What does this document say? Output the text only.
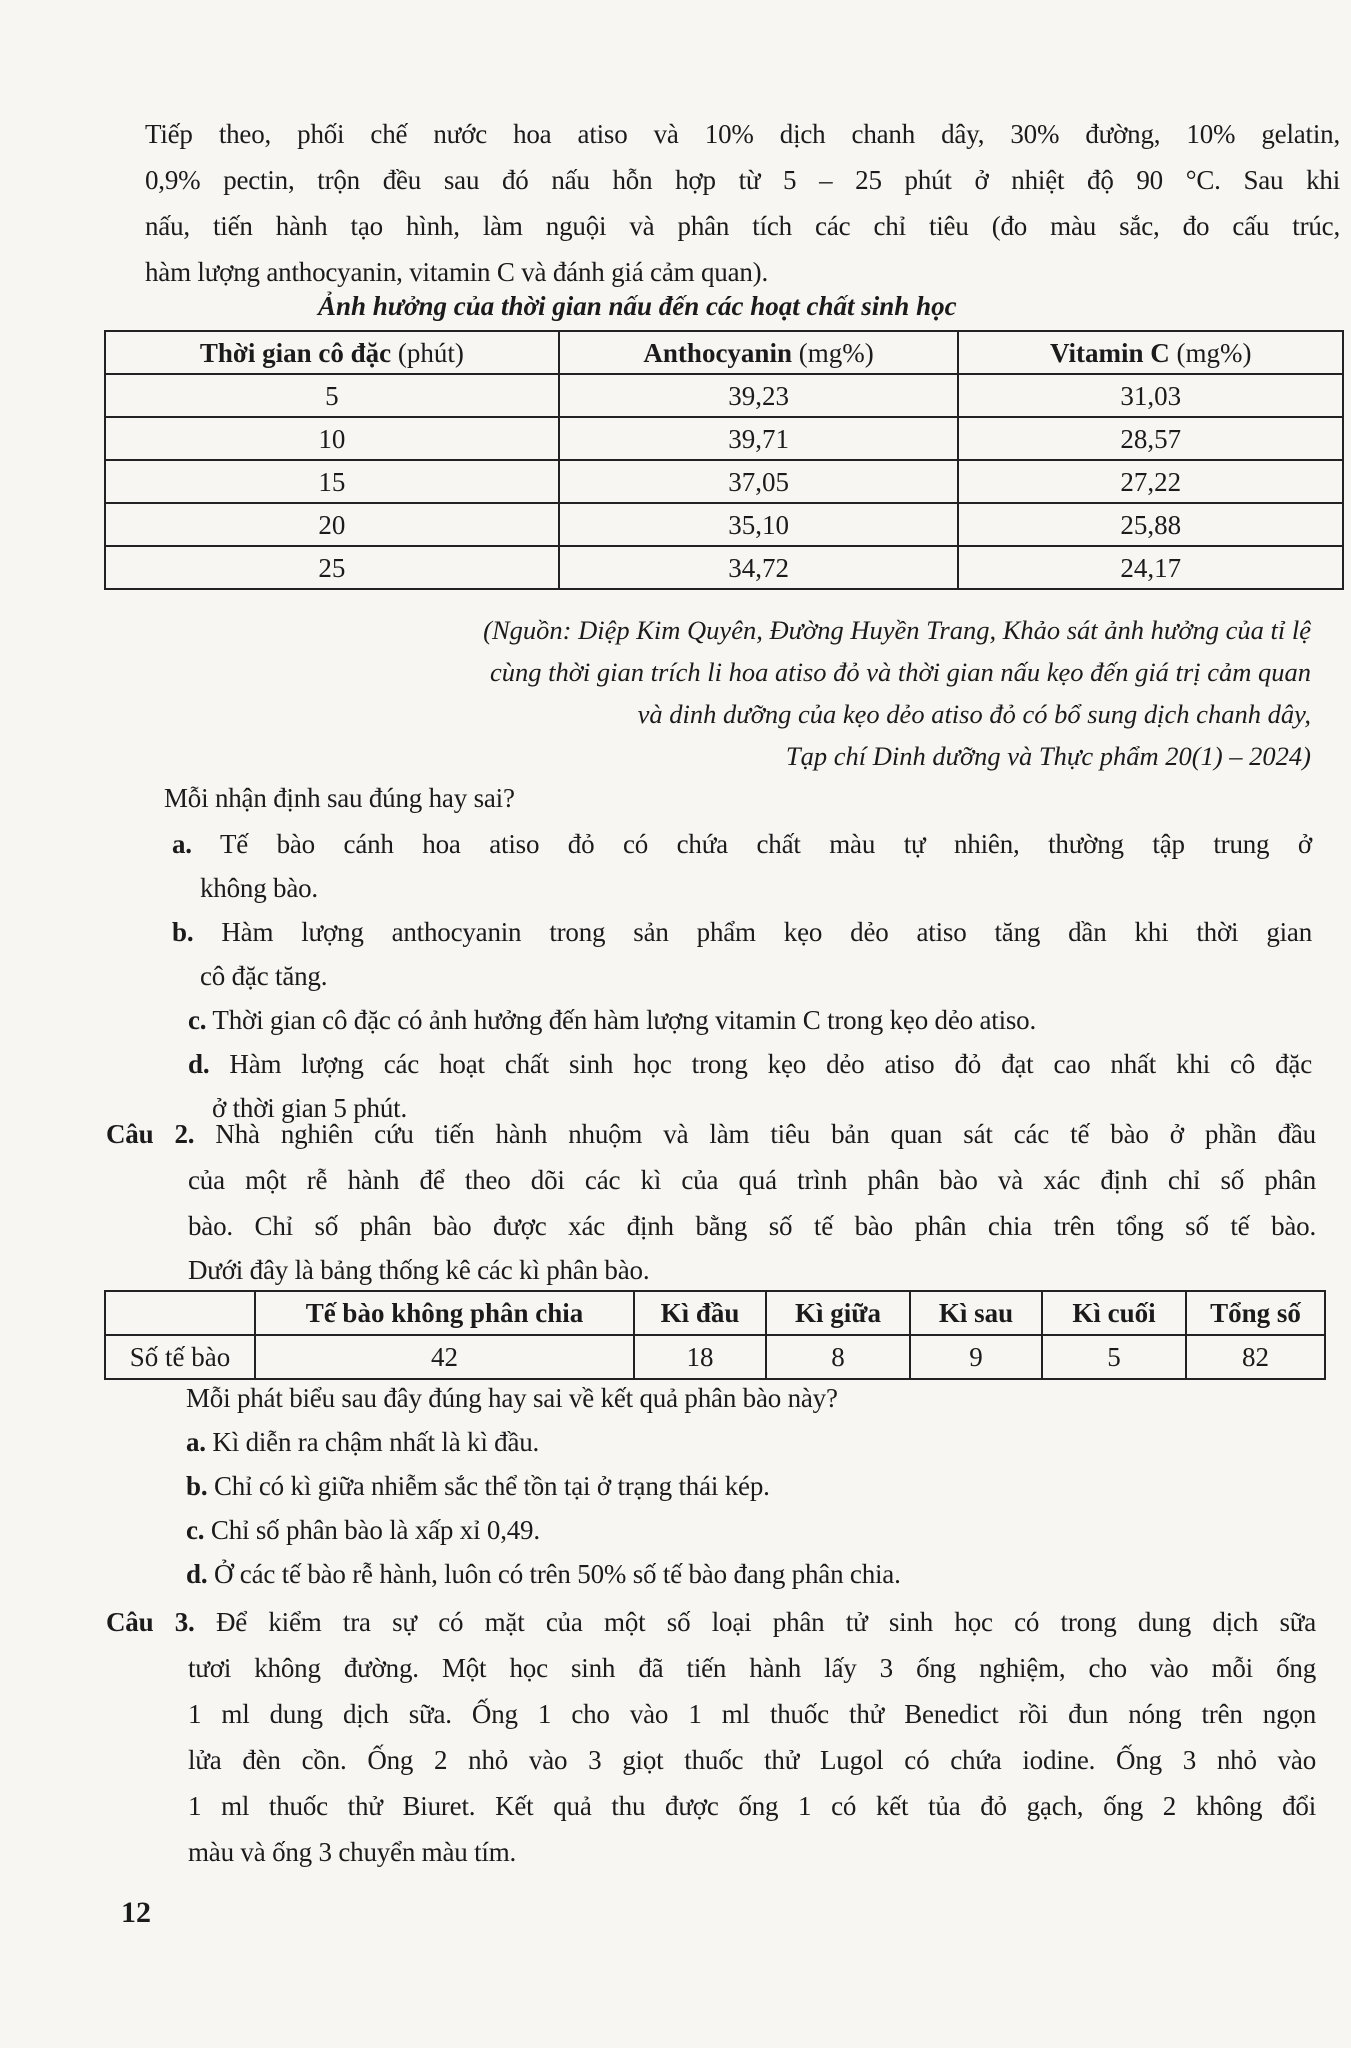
Tiếp theo, phối chế nước hoa atiso và 10% dịch chanh dây, 30% đường, 10% gelatin,
0,9% pectin, trộn đều sau đó nấu hỗn hợp từ 5 – 25 phút ở nhiệt độ 90 °C. Sau khi
nấu, tiến hành tạo hình, làm nguội và phân tích các chỉ tiêu (đo màu sắc, đo cấu trúc,
hàm lượng anthocyanin, vitamin C và đánh giá cảm quan).
Ảnh hưởng của thời gian nấu đến các hoạt chất sinh học
Thời gian cô đặc (phút)	Anthocyanin (mg%)	Vitamin C (mg%)
5	39,23	31,03
10	39,71	28,57
15	37,05	27,22
20	35,10	25,88
25	34,72	24,17
(Nguồn: Diệp Kim Quyên, Đường Huyền Trang, Khảo sát ảnh hưởng của tỉ lệ
cùng thời gian trích li hoa atiso đỏ và thời gian nấu kẹo đến giá trị cảm quan
và dinh dưỡng của kẹo dẻo atiso đỏ có bổ sung dịch chanh dây,
Tạp chí Dinh dưỡng và Thực phẩm 20(1) – 2024)
Mỗi nhận định sau đúng hay sai?
a. Tế bào cánh hoa atiso đỏ có chứa chất màu tự nhiên, thường tập trung ở
không bào.
b. Hàm lượng anthocyanin trong sản phẩm kẹo dẻo atiso tăng dần khi thời gian
cô đặc tăng.
c. Thời gian cô đặc có ảnh hưởng đến hàm lượng vitamin C trong kẹo dẻo atiso.
d. Hàm lượng các hoạt chất sinh học trong kẹo dẻo atiso đỏ đạt cao nhất khi cô đặc
ở thời gian 5 phút.
Câu 2. Nhà nghiên cứu tiến hành nhuộm và làm tiêu bản quan sát các tế bào ở phần đầu
của một rễ hành để theo dõi các kì của quá trình phân bào và xác định chỉ số phân
bào. Chỉ số phân bào được xác định bằng số tế bào phân chia trên tổng số tế bào.
Dưới đây là bảng thống kê các kì phân bào.
	Tế bào không phân chia	Kì đầu	Kì giữa	Kì sau	Kì cuối	Tổng số
Số tế bào	42	18	8	9	5	82
Mỗi phát biểu sau đây đúng hay sai về kết quả phân bào này?
a. Kì diễn ra chậm nhất là kì đầu.
b. Chỉ có kì giữa nhiễm sắc thể tồn tại ở trạng thái kép.
c. Chỉ số phân bào là xấp xỉ 0,49.
d. Ở các tế bào rễ hành, luôn có trên 50% số tế bào đang phân chia.
Câu 3. Để kiểm tra sự có mặt của một số loại phân tử sinh học có trong dung dịch sữa
tươi không đường. Một học sinh đã tiến hành lấy 3 ống nghiệm, cho vào mỗi ống
1 ml dung dịch sữa. Ống 1 cho vào 1 ml thuốc thử Benedict rồi đun nóng trên ngọn
lửa đèn cồn. Ống 2 nhỏ vào 3 giọt thuốc thử Lugol có chứa iodine. Ống 3 nhỏ vào
1 ml thuốc thử Biuret. Kết quả thu được ống 1 có kết tủa đỏ gạch, ống 2 không đổi
màu và ống 3 chuyển màu tím.
12
